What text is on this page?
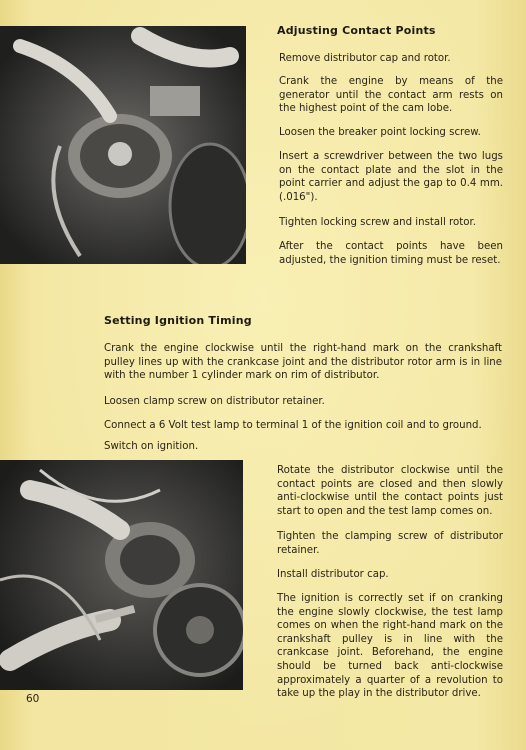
Adjusting Contact Points

Remove distributor cap and rotor.

Crank the engine by means of the generator until the contact arm rests on the highest point of the cam lobe.

Loosen the breaker point locking screw.

Insert a screwdriver between the two lugs on the contact plate and the slot in the point carrier and adjust the gap to 0.4 mm. (.016").

Tighten locking screw and install rotor.

After the contact points have been adjusted, the ignition timing must be reset.

Setting Ignition Timing

Crank the engine clockwise until the right-hand mark on the crankshaft pulley lines up with the crankcase joint and the distributor rotor arm is in line with the number 1 cylinder mark on rim of distributor.

Loosen clamp screw on distributor retainer.

Connect a 6 Volt test lamp to terminal 1 of the ignition coil and to ground.

Switch on ignition.

Rotate the distributor clockwise until the contact points are closed and then slowly anti-clockwise until the contact points just start to open and the test lamp comes on.

Tighten the clamping screw of distributor retainer.

Install distributor cap.

The ignition is correctly set if on cranking the engine slowly clockwise, the test lamp comes on when the right-hand mark on the crankshaft pulley is in line with the crankcase joint. Beforehand, the engine should be turned back anti-clockwise approximately a quarter of a revolution to take up the play in the distributor drive.

60
